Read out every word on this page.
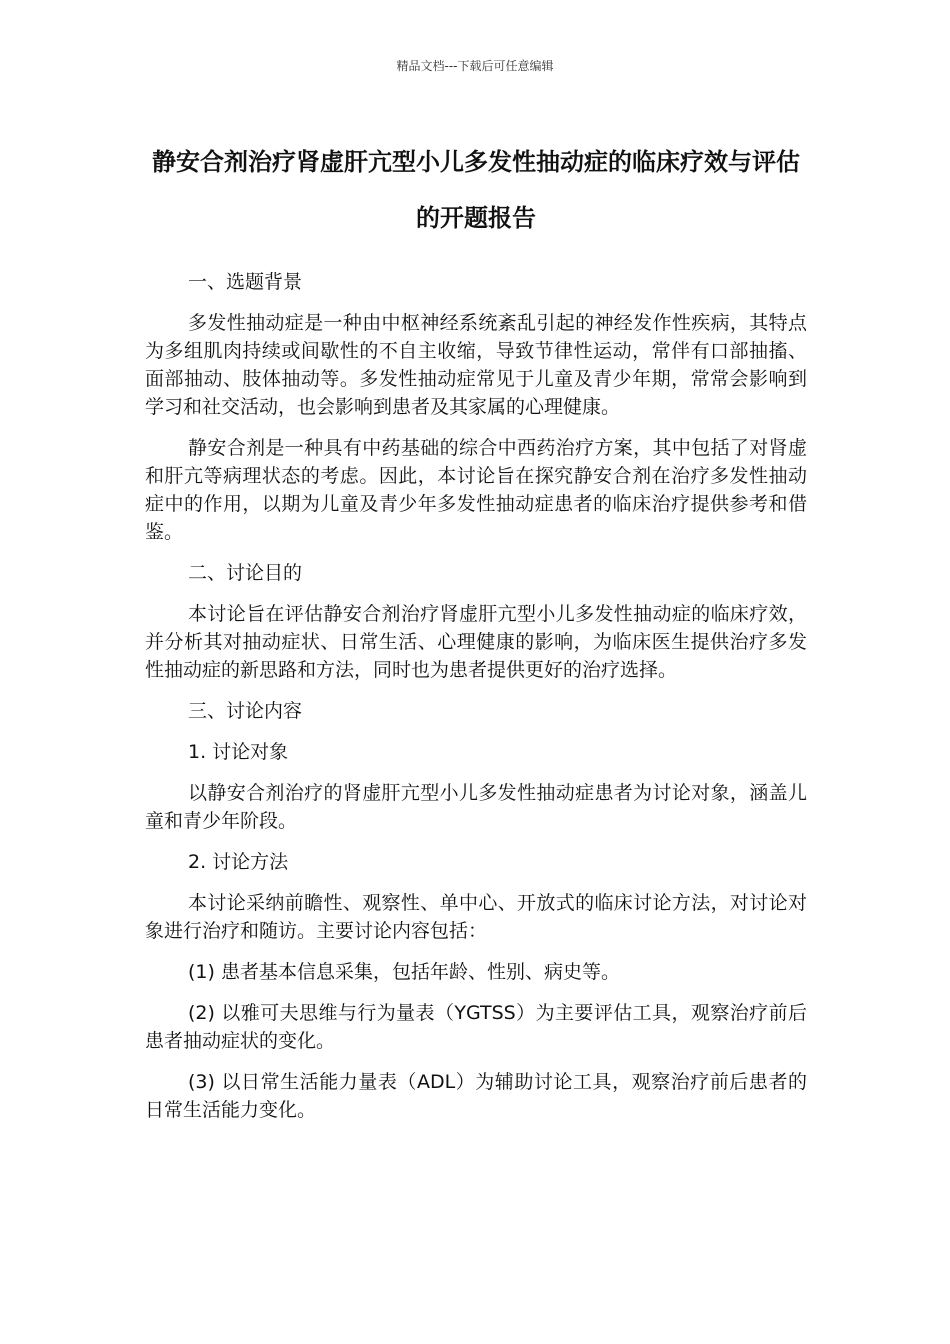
精品文档---下载后可任意编辑
静安合剂治疗肾虚肝亢型小儿多发性抽动症的临床疗效与评估的开题报告

一、选题背景

多发性抽动症是一种由中枢神经系统紊乱引起的神经发作性疾病，其特点为多组肌肉持续或间歇性的不自主收缩，导致节律性运动，常伴有口部抽搐、面部抽动、肢体抽动等。多发性抽动症常见于儿童及青少年期，常常会影响到学习和社交活动，也会影响到患者及其家属的心理健康。

静安合剂是一种具有中药基础的综合中西药治疗方案，其中包括了对肾虚和肝亢等病理状态的考虑。因此，本讨论旨在探究静安合剂在治疗多发性抽动症中的作用，以期为儿童及青少年多发性抽动症患者的临床治疗提供参考和借鉴。

二、讨论目的

本讨论旨在评估静安合剂治疗肾虚肝亢型小儿多发性抽动症的临床疗效，并分析其对抽动症状、日常生活、心理健康的影响，为临床医生提供治疗多发性抽动症的新思路和方法，同时也为患者提供更好的治疗选择。

三、讨论内容

1. 讨论对象

以静安合剂治疗的肾虚肝亢型小儿多发性抽动症患者为讨论对象，涵盖儿童和青少年阶段。

2. 讨论方法

本讨论采纳前瞻性、观察性、单中心、开放式的临床讨论方法，对讨论对象进行治疗和随访。主要讨论内容包括：

(1) 患者基本信息采集，包括年龄、性别、病史等。

(2) 以雅可夫思维与行为量表（YGTSS）为主要评估工具，观察治疗前后患者抽动症状的变化。

(3) 以日常生活能力量表（ADL）为辅助讨论工具，观察治疗前后患者的日常生活能力变化。
